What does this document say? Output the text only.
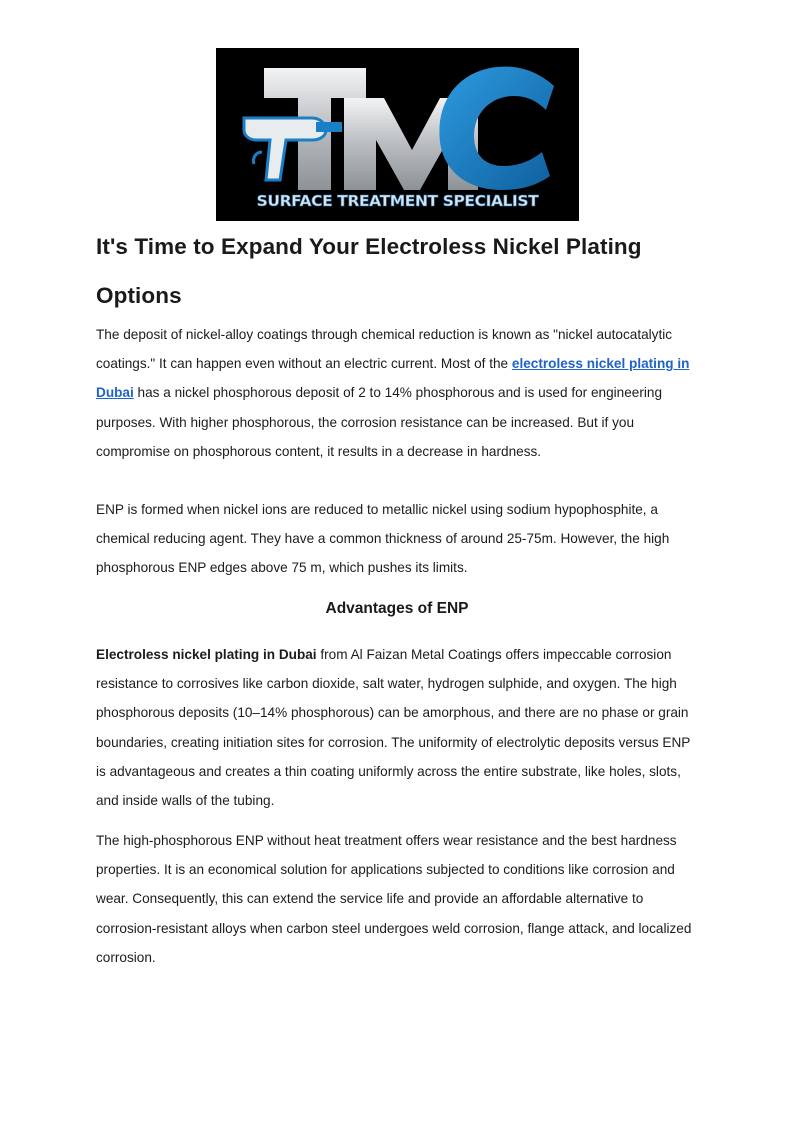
SURFACE TREATMENT SPECIALIST
It's Time to Expand Your Electroless Nickel Plating Options

The deposit of nickel-alloy coatings through chemical reduction is known as "nickel autocatalytic coatings." It can happen even without an electric current. Most of the electroless nickel plating in Dubai has a nickel phosphorous deposit of 2 to 14% phosphorous and is used for engineering purposes. With higher phosphorous, the corrosion resistance can be increased. But if you compromise on phosphorous content, it results in a decrease in hardness.

ENP is formed when nickel ions are reduced to metallic nickel using sodium hypophosphite, a chemical reducing agent. They have a common thickness of around 25-75m. However, the high phosphorous ENP edges above 75 m, which pushes its limits.

Advantages of ENP

Electroless nickel plating in Dubai from Al Faizan Metal Coatings offers impeccable corrosion resistance to corrosives like carbon dioxide, salt water, hydrogen sulphide, and oxygen. The high phosphorous deposits (10–14% phosphorous) can be amorphous, and there are no phase or grain boundaries, creating initiation sites for corrosion. The uniformity of electrolytic deposits versus ENP is advantageous and creates a thin coating uniformly across the entire substrate, like holes, slots, and inside walls of the tubing.

The high-phosphorous ENP without heat treatment offers wear resistance and the best hardness properties. It is an economical solution for applications subjected to conditions like corrosion and wear. Consequently, this can extend the service life and provide an affordable alternative to corrosion-resistant alloys when carbon steel undergoes weld corrosion, flange attack, and localized corrosion.
